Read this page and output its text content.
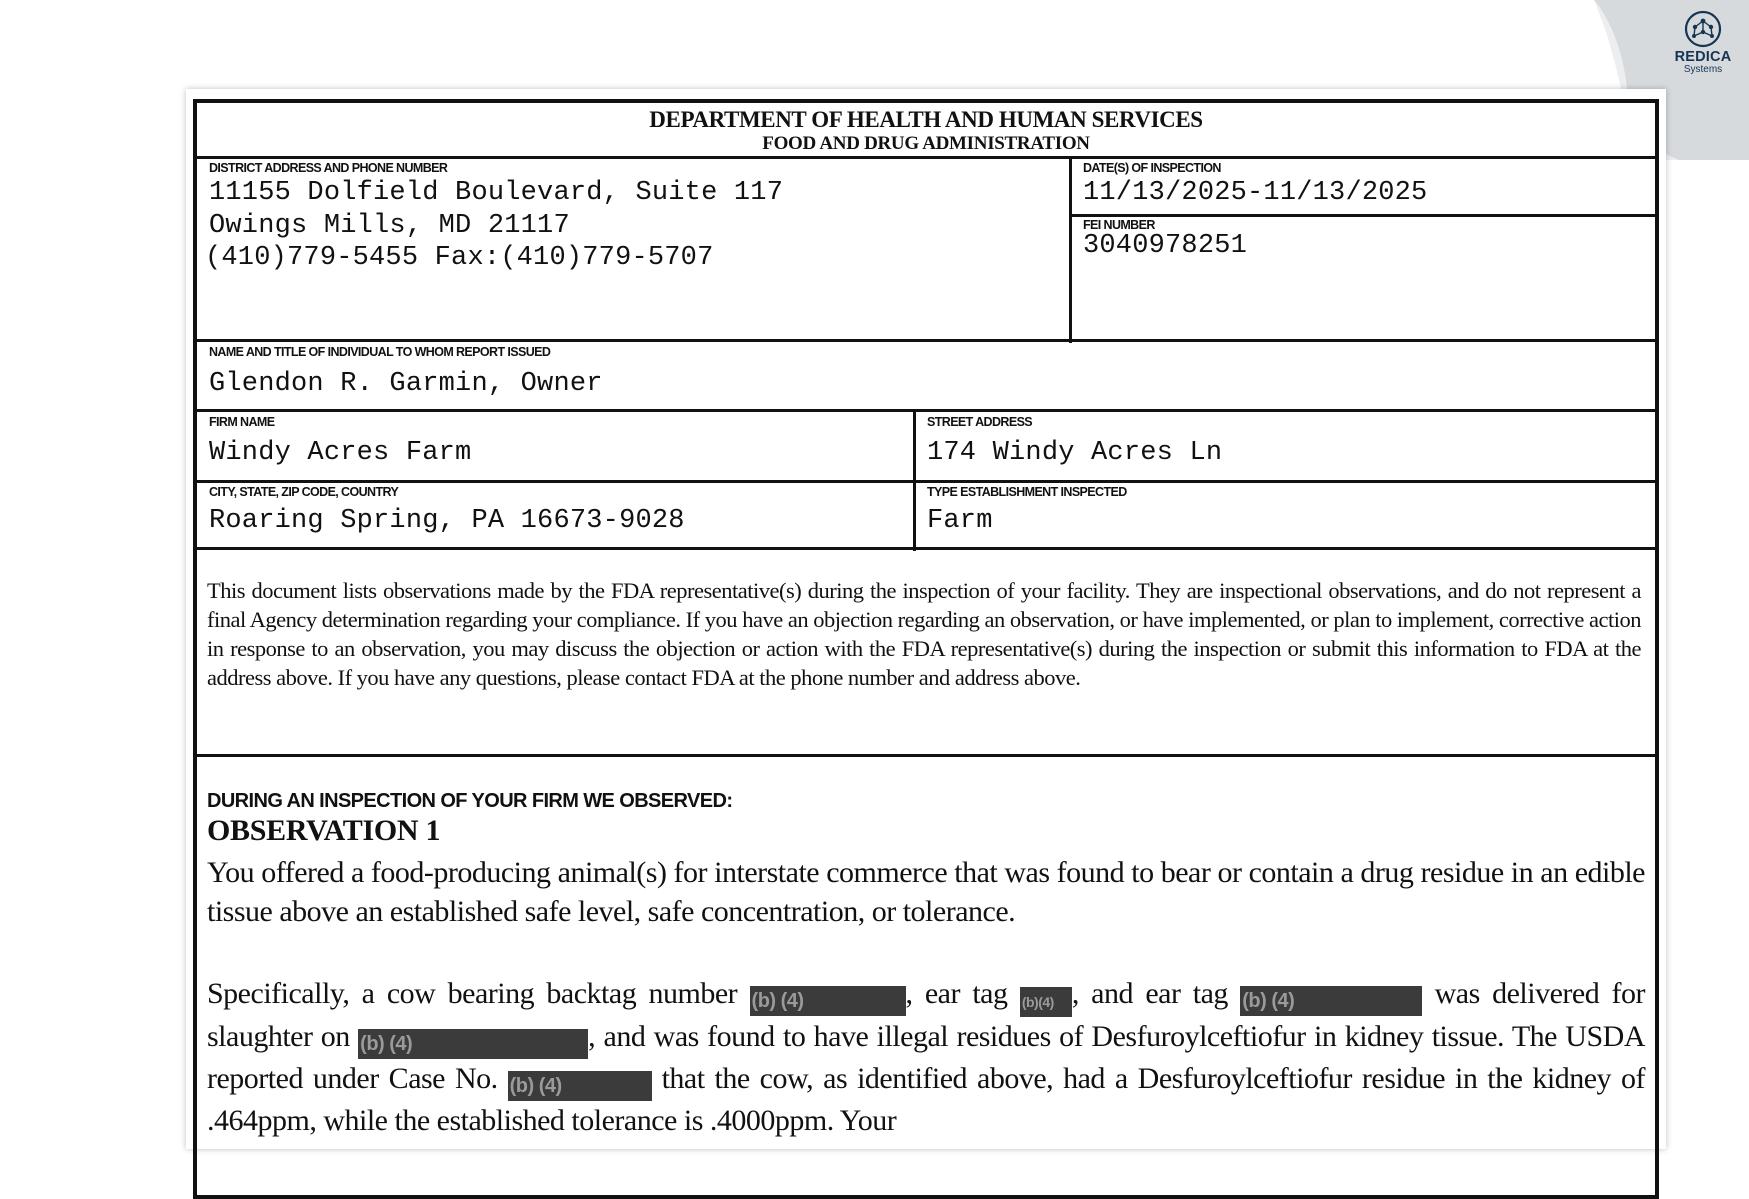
REDICA
Systems
DEPARTMENT OF HEALTH AND HUMAN SERVICES
FOOD AND DRUG ADMINISTRATION
DISTRICT ADDRESS AND PHONE NUMBER
11155 Dolfield Boulevard, Suite 117
Owings Mills, MD 21117
(410)779-5455 Fax:(410)779-5707
DATE(S) OF INSPECTION
11/13/2025-11/13/2025
FEI NUMBER
3040978251
NAME AND TITLE OF INDIVIDUAL TO WHOM REPORT ISSUED
Glendon R. Garmin, Owner
FIRM NAME
Windy Acres Farm
STREET ADDRESS
174 Windy Acres Ln
CITY, STATE, ZIP CODE, COUNTRY
Roaring Spring, PA 16673-9028
TYPE ESTABLISHMENT INSPECTED
Farm
This document lists observations made by the FDA representative(s) during the inspection of your facility. They are inspectional observations, and do not represent a final Agency determination regarding your compliance. If you have an objection regarding an observation, or have implemented, or plan to implement, corrective action in response to an observation, you may discuss the objection or action with the FDA representative(s) during the inspection or submit this information to FDA at the address above. If you have any questions, please contact FDA at the phone number and address above.
DURING AN INSPECTION OF YOUR FIRM WE OBSERVED:
OBSERVATION 1
You offered a food-producing animal(s) for interstate commerce that was found to bear or contain a drug residue in an edible tissue above an established safe level, safe concentration, or tolerance.
Specifically, a cow bearing backtag number (b) (4)	, ear tag (b)(4) , and ear tag (b) (4)	was delivered for slaughter on (b) (4)	, and was found to have illegal residues of Desfuroylceftiofur in kidney tissue. The USDA reported under Case No. (b) (4)	that the cow, as identified above, had a Desfuroylceftiofur residue in the kidney of .464ppm, while the established tolerance is .4000ppm. Your
